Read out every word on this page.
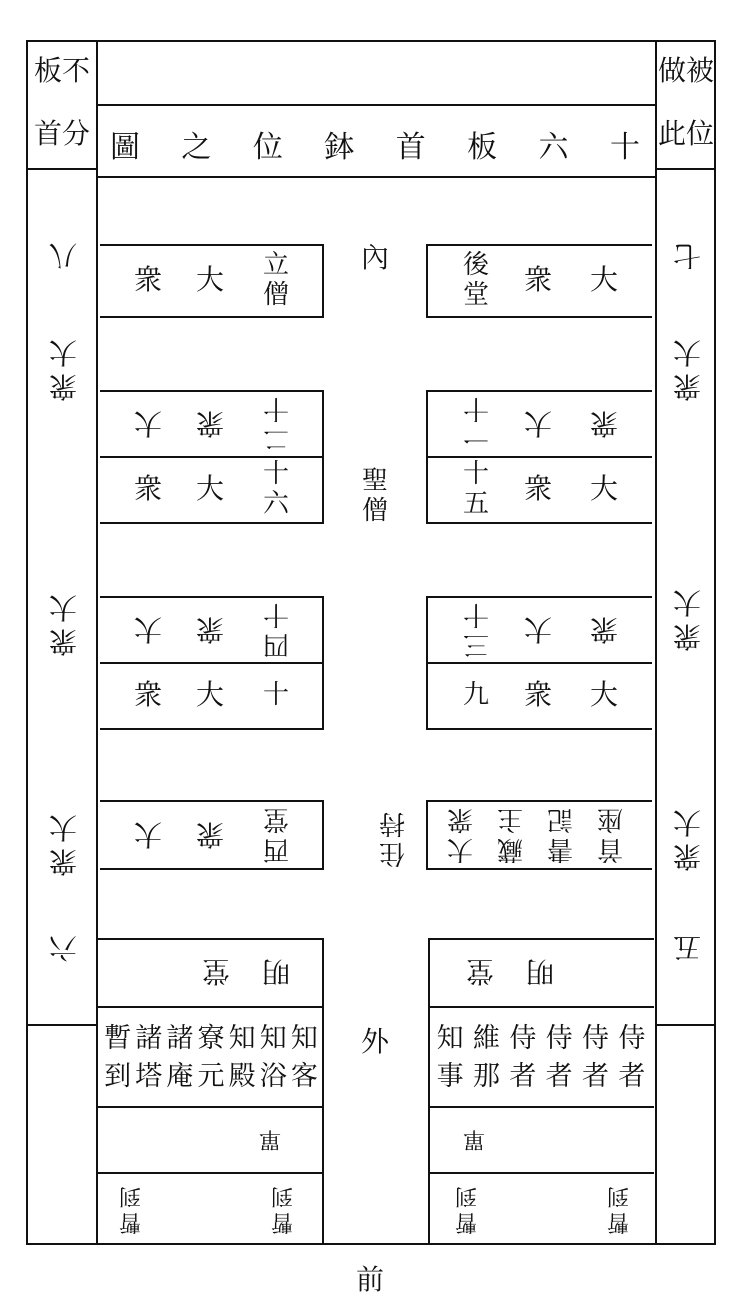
板不
首分
做被
此位
十
六
板
首
鉢
位
之
圖
八
衆
大
衆
大
衆
大
六
七
衆
大
衆
大
衆
大
五
內
聖
僧
住
持
外
前
衆 大 立
僧
大 衆 二
十
衆 大 十
六
大 衆 四
十
衆 大 十
大 衆 西
堂
後
堂 衆 大
一
十 大 衆
十
五 衆 大
三
十 大 衆
九 衆 大
大
衆
藏
主
書
記
首
座
堂 明
暫
到
諸
塔
諸
庵
寮
元
知
殿
知
浴
知
客
單
暫
到
暫
到
堂 明
知
事
維
那
侍
者
侍
者
侍
者
侍
者
單
暫
到
暫
到
